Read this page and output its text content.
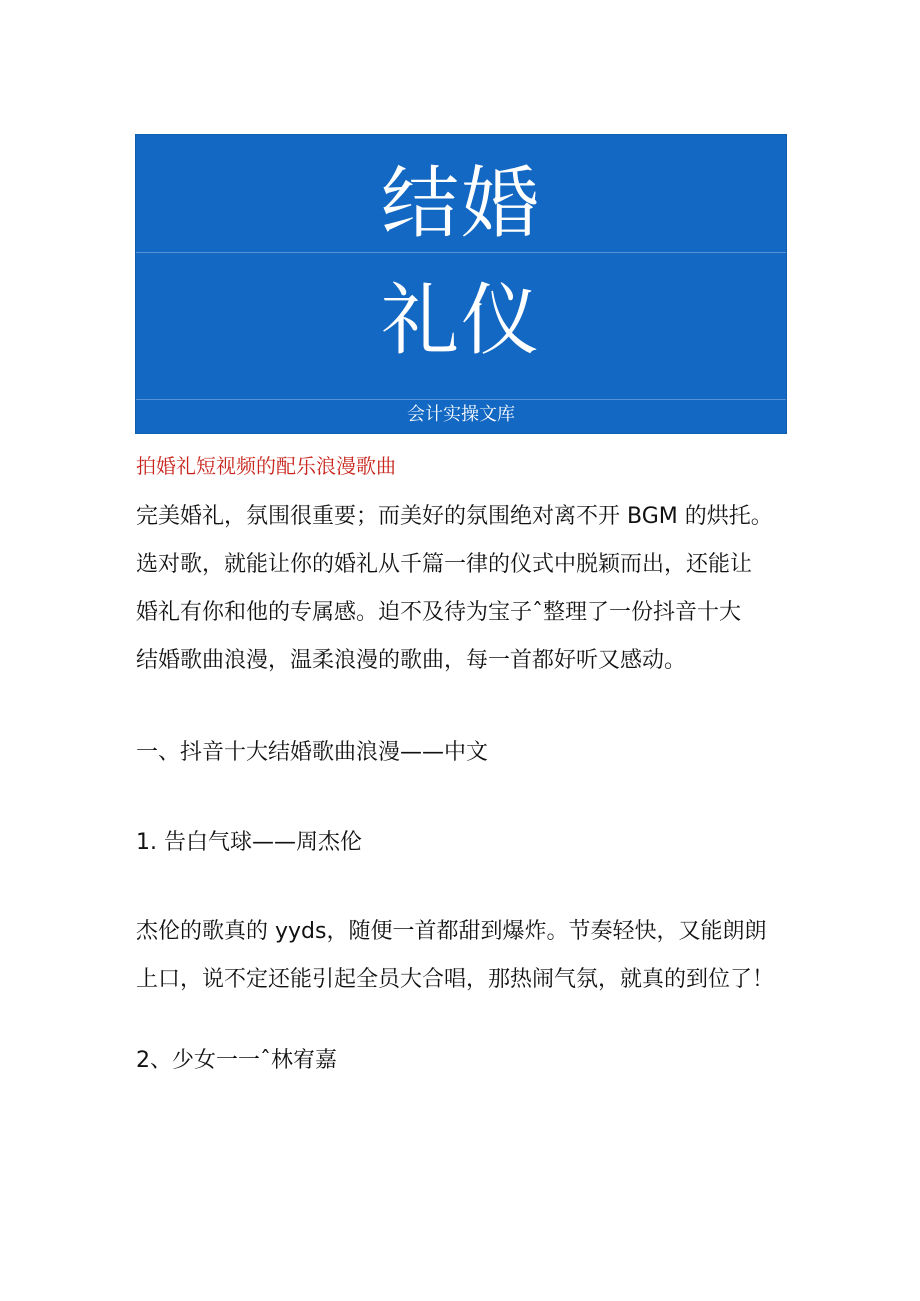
结婚
礼仪
会计实操文库
拍婚礼短视频的配乐浪漫歌曲
完美婚礼，氛围很重要；而美好的氛围绝对离不开 BGM 的烘托。
选对歌，就能让你的婚礼从千篇一律的仪式中脱颖而出，还能让
婚礼有你和他的专属感。迫不及待为宝子ˆ整理了一份抖音十大
结婚歌曲浪漫，温柔浪漫的歌曲，每一首都好听又感动。
一、抖音十大结婚歌曲浪漫——中文
1. 告白气球——周杰伦
杰伦的歌真的 yyds，随便一首都甜到爆炸。节奏轻快，又能朗朗
上口，说不定还能引起全员大合唱，那热闹气氛，就真的到位了！
2、少女一一ˆ林宥嘉
